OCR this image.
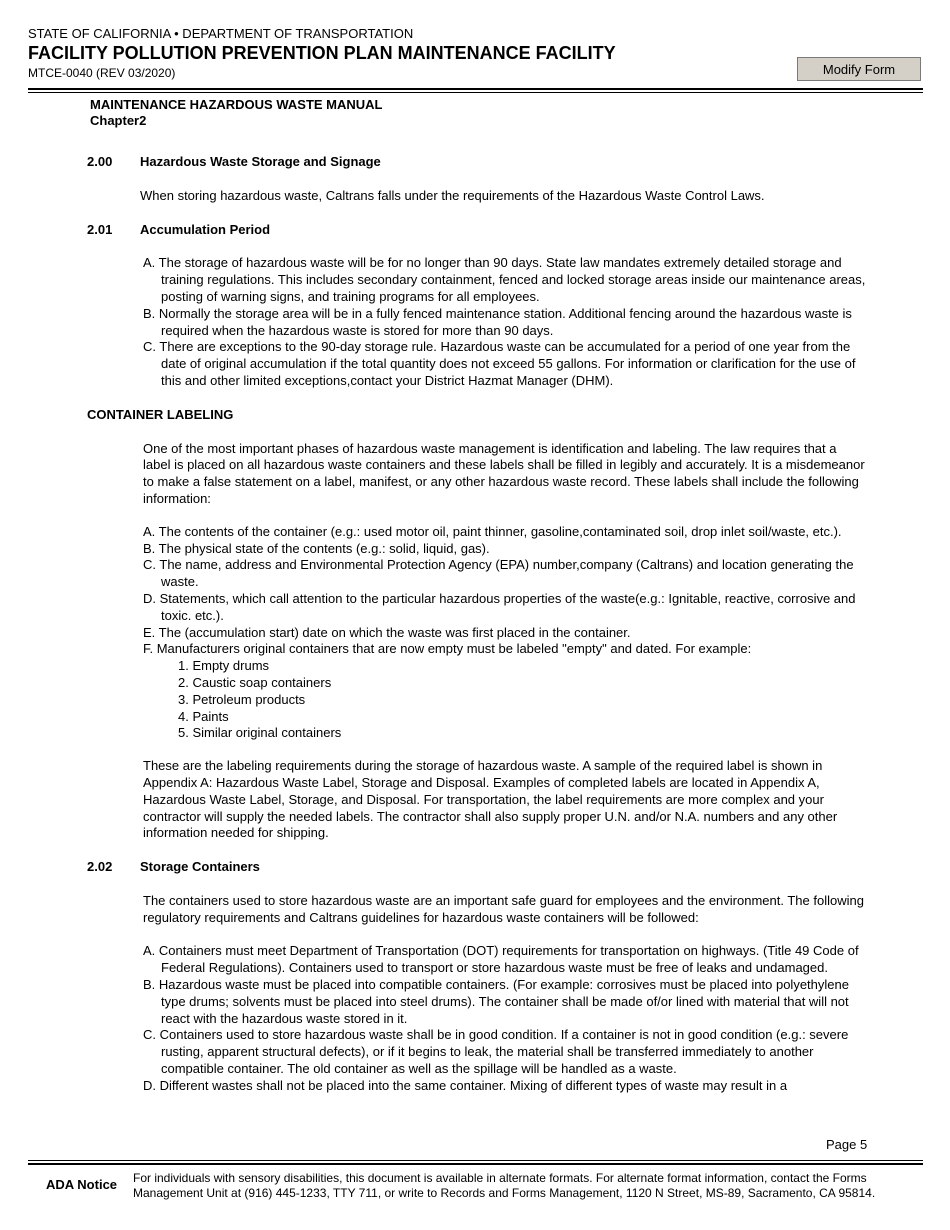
STATE OF CALIFORNIA • DEPARTMENT OF TRANSPORTATION
FACILITY POLLUTION PREVENTION PLAN MAINTENANCE FACILITY
MTCE-0040 (REV 03/2020)	Modify Form
MAINTENANCE HAZARDOUS WASTE MANUAL
Chapter2
2.00	Hazardous Waste Storage and Signage
When storing hazardous waste, Caltrans falls under the requirements of the Hazardous Waste Control Laws.
2.01	Accumulation Period
A. The storage of hazardous waste will be for no longer than 90 days. State law mandates extremely detailed storage and training regulations. This includes secondary containment, fenced and locked storage areas inside our maintenance areas, posting of warning signs, and training programs for all employees.
B. Normally the storage area will be in a fully fenced maintenance station. Additional fencing around the hazardous waste is required when the hazardous waste is stored for more than 90 days.
C. There are exceptions to the 90-day storage rule. Hazardous waste can be accumulated for a period of one year from the date of original accumulation if the total quantity does not exceed 55 gallons. For information or clarification for the use of this and other limited exceptions,contact your District Hazmat Manager (DHM).
CONTAINER LABELING
One of the most important phases of hazardous waste management is identification and labeling. The law requires that a label is placed on all hazardous waste containers and these labels shall be filled in legibly and accurately. It is a misdemeanor to make a false statement on a label, manifest, or any other hazardous waste record. These labels shall include the following information:
A. The contents of the container (e.g.: used motor oil, paint thinner, gasoline,contaminated soil, drop inlet soil/waste, etc.).
B. The physical state of the contents (e.g.: solid, liquid, gas).
C. The name, address and Environmental Protection Agency (EPA) number,company (Caltrans) and location generating the waste.
D. Statements, which call attention to the particular hazardous properties of the waste(e.g.: Ignitable, reactive, corrosive and toxic. etc.).
E. The (accumulation start) date on which the waste was first placed in the container.
F. Manufacturers original containers that are now empty must be labeled "empty" and dated. For example:
1. Empty drums
2. Caustic soap containers
3. Petroleum products
4. Paints
5. Similar original containers
These are the labeling requirements during the storage of hazardous waste. A sample of the required label is shown in Appendix A: Hazardous Waste Label, Storage and Disposal. Examples of completed labels are located in Appendix A, Hazardous Waste Label, Storage, and Disposal. For transportation, the label requirements are more complex and your contractor will supply the needed labels. The contractor shall also supply proper U.N. and/or N.A. numbers and any other information needed for shipping.
2.02	Storage Containers
The containers used to store hazardous waste are an important safe guard for employees and the environment. The following regulatory requirements and Caltrans guidelines for hazardous waste containers will be followed:
A. Containers must meet Department of Transportation (DOT) requirements for transportation on highways. (Title 49 Code of Federal Regulations). Containers used to transport or store hazardous waste must be free of leaks and undamaged.
B. Hazardous waste must be placed into compatible containers. (For example: corrosives must be placed into polyethylene type drums; solvents must be placed into steel drums). The container shall be made of/or lined with material that will not react with the hazardous waste stored in it.
C. Containers used to store hazardous waste shall be in good condition. If a container is not in good condition (e.g.: severe rusting, apparent structural defects), or if it begins to leak, the material shall be transferred immediately to another compatible container. The old container as well as the spillage will be handled as a waste.
D. Different wastes shall not be placed into the same container. Mixing of different types of waste may result in a
Page 5
ADA Notice For individuals with sensory disabilities, this document is available in alternate formats. For alternate format information, contact the Forms Management Unit at (916) 445-1233, TTY 711, or write to Records and Forms Management, 1120 N Street, MS-89, Sacramento, CA 95814.
